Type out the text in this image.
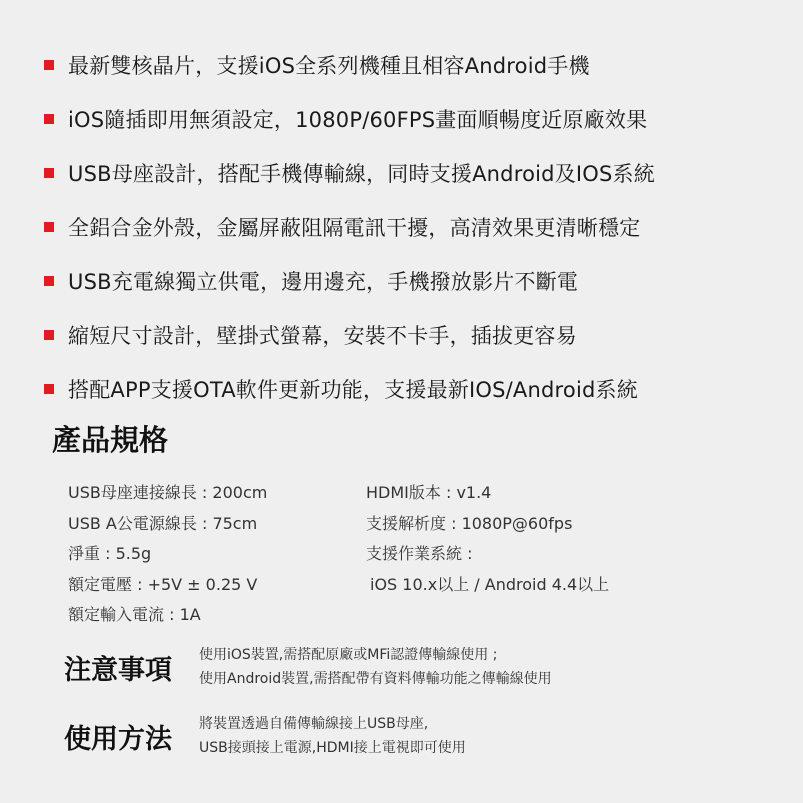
最新雙核晶片，支援iOS全系列機種且相容Android手機
iOS隨插即用無須設定，1080P/60FPS畫面順暢度近原廠效果
USB母座設計，搭配手機傳輸線，同時支援Android及IOS系統
全鋁合金外殼，金屬屏蔽阻隔電訊干擾，高清效果更清晰穩定
USB充電線獨立供電，邊用邊充，手機撥放影片不斷電
縮短尺寸設計，壁掛式螢幕，安裝不卡手，插拔更容易
搭配APP支援OTA軟件更新功能，支援最新IOS/Android系統
產品規格
USB母座連接線長 : 200cm
USB A公電源線長 : 75cm
淨重 : 5.5g
額定電壓 : +5V ± 0.25 V
額定輸入電流 : 1A
HDMI版本 : v1.4
支援解析度 : 1080P@60fps
支援作業系統 :
iOS 10.x以上 / Android 4.4以上
注意事項	使用iOS裝置,需搭配原廠或MFi認證傳輸線使用 ;
使用Android裝置,需搭配帶有資料傳輸功能之傳輸線使用
使用方法	將裝置透過自備傳輸線接上USB母座,
USB接頭接上電源,HDMI接上電視即可使用
